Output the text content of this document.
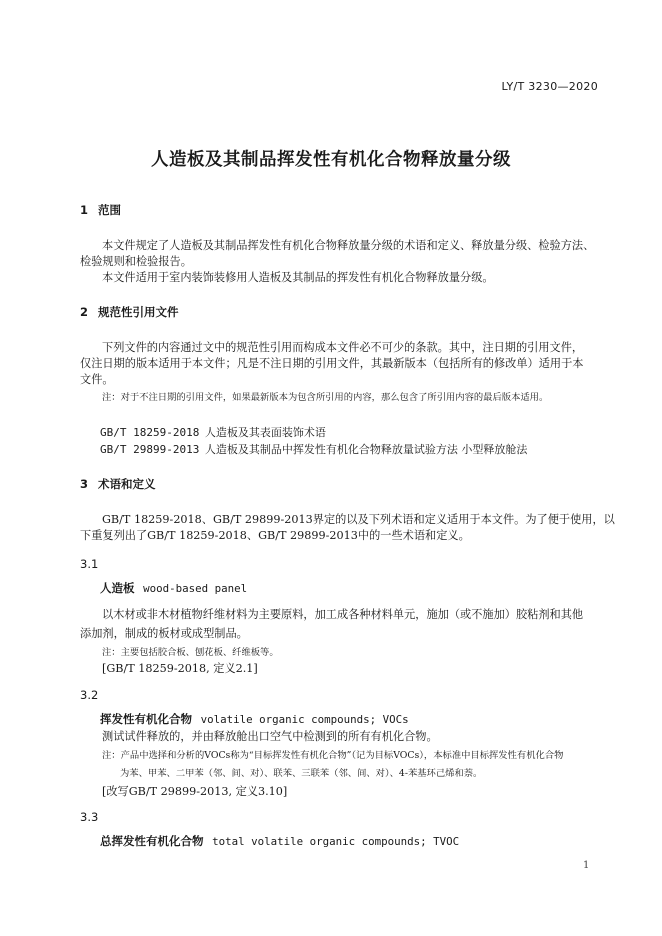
LY/T 3230—2020
人造板及其制品挥发性有机化合物释放量分级
1 范围
本文件规定了人造板及其制品挥发性有机化合物释放量分级的术语和定义、释放量分级、检验方法、
检验规则和检验报告。
本文件适用于室内装饰装修用人造板及其制品的挥发性有机化合物释放量分级。
2 规范性引用文件
下列文件的内容通过文中的规范性引用而构成本文件必不可少的条款。其中，注日期的引用文件，
仅注日期的版本适用于本文件；凡是不注日期的引用文件，其最新版本（包括所有的修改单）适用于本
文件。
注：对于不注日期的引用文件，如果最新版本为包含所引用的内容，那么包含了所引用内容的最后版本适用。
GB/T 18259-2018 人造板及其表面装饰术语
GB/T 29899-2013 人造板及其制品中挥发性有机化合物释放量试验方法 小型释放舱法
3 术语和定义
GB/T 18259-2018、GB/T 29899-2013界定的以及下列术语和定义适用于本文件。为了便于使用，以
下重复列出了GB/T 18259-2018、GB/T 29899-2013中的一些术语和定义。
3.1
人造板 wood-based panel
以木材或非木材植物纤维材料为主要原料，加工成各种材料单元，施加（或不施加）胶粘剂和其他
添加剂，制成的板材或成型制品。
注：主要包括胶合板、刨花板、纤维板等。
[GB/T 18259-2018, 定义2.1]
3.2
挥发性有机化合物 volatile organic compounds; VOCs
测试试件释放的，并由释放舱出口空气中检测到的所有有机化合物。
注：产品中选择和分析的VOCs称为“目标挥发性有机化合物”（记为目标VOCs），本标准中目标挥发性有机化合物
为苯、甲苯、二甲苯（邻、间、对）、联苯、三联苯（邻、间、对）、4-苯基环己烯和萘。
[改写GB/T 29899-2013, 定义3.10]
3.3
总挥发性有机化合物 total volatile organic compounds; TVOC
1
